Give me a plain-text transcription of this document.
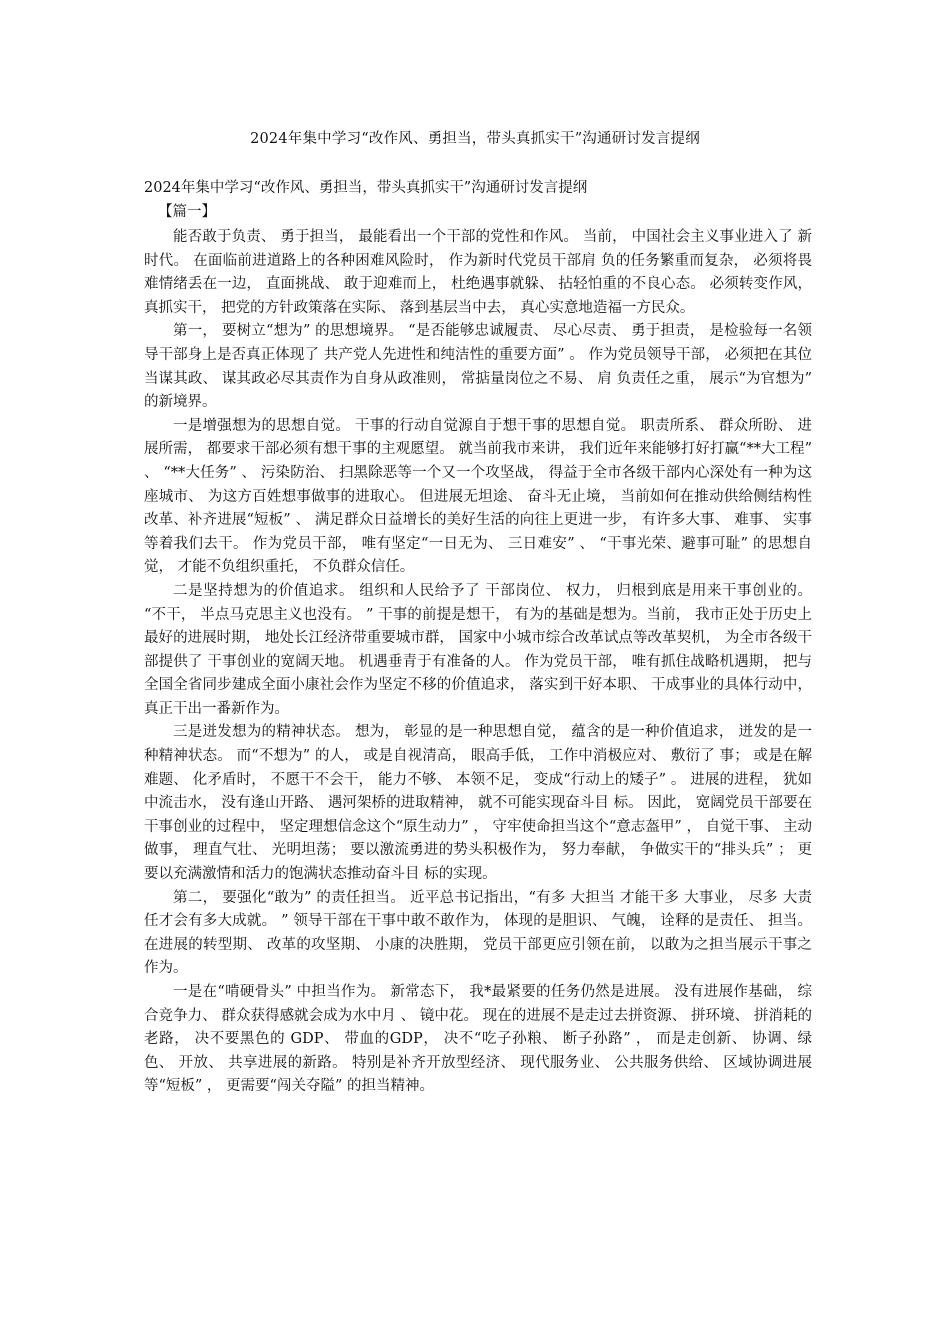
2024年集中学习“改作风、勇担当，带头真抓实干”沟通研讨发言提纲
2024年集中学习“改作风、勇担当，带头真抓实干”沟通研讨发言提纲
【篇一】

能否敢于负责、 勇于担当， 最能看出一个干部的党性和作风。 当前， 中国社会主义事业进入了 新时代。 在面临前进道路上的各种困难风险时， 作为新时代党员干部肩 负的任务繁重而复杂， 必须将畏难情绪丢在一边， 直面挑战、 敢于迎难而上， 杜绝遇事就躲、 拈轻怕重的不良心态。 必须转变作风， 真抓实干， 把党的方针政策落在实际、 落到基层当中去， 真心实意地造福一方民众。

第一， 要树立“想为” 的思想境界。 “是否能够忠诚履责、 尽心尽责、 勇于担责， 是检验每一名领导干部身上是否真正体现了 共产党人先进性和纯洁性的重要方面” 。 作为党员领导干部， 必须把在其位当谋其政、 谋其政必尽其责作为自身从政准则， 常掂量岗位之不易、 肩 负责任之重， 展示“为官想为” 的新境界。

一是增强想为的思想自觉。 干事的行动自觉源自于想干事的思想自觉。 职责所系、 群众所盼、 进展所需， 都要求干部必须有想干事的主观愿望。 就当前我市来讲， 我们近年来能够打好打赢“**大工程” 、 “**大任务” 、 污染防治、 扫黑除恶等一个又一个攻坚战， 得益于全市各级干部内心深处有一种为这座城市、 为这方百姓想事做事的进取心。 但进展无坦途、 奋斗无止境， 当前如何在推动供给侧结构性改革、补齐进展“短板” 、 满足群众日益增长的美好生活的向往上更进一步， 有许多大事、 难事、 实事等着我们去干。 作为党员干部， 唯有坚定“一日无为、 三日难安” 、 “干事光荣、避事可耻” 的思想自觉， 才能不负组织重托， 不负群众信任。

二是坚持想为的价值追求。 组织和人民给予了 干部岗位、 权力， 归根到底是用来干事创业的。 “不干， 半点马克思主义也没有。 ” 干事的前提是想干， 有为的基础是想为。当前， 我市正处于历史上最好的进展时期， 地处长江经济带重要城市群， 国家中小城市综合改革试点等改革契机， 为全市各级干部提供了 干事创业的宽阔天地。 机遇垂青于有准备的人。 作为党员干部， 唯有抓住战略机遇期， 把与全国全省同步建成全面小康社会作为坚定不移的价值追求， 落实到干好本职、 干成事业的具体行动中， 真正干出一番新作为。

三是迸发想为的精神状态。 想为， 彰显的是一种思想自觉， 蕴含的是一种价值追求， 迸发的是一种精神状态。 而“不想为” 的人， 或是自视清高， 眼高手低， 工作中消极应对、 敷衍了 事； 或是在解难题、 化矛盾时， 不愿干不会干， 能力不够、 本领不足， 变成“行动上的矮子” 。 进展的进程， 犹如中流击水， 没有逢山开路、 遇河架桥的进取精神， 就不可能实现奋斗目 标。 因此， 宽阔党员干部要在干事创业的过程中， 坚定理想信念这个“原生动力” ， 守牢使命担当这个“意志盔甲” ， 自觉干事、 主动做事， 理直气壮、 光明坦荡； 要以激流勇进的势头积极作为， 努力奉献， 争做实干的“排头兵” ； 更要以充满激情和活力的饱满状态推动奋斗目 标的实现。

第二， 要强化“敢为” 的责任担当。 近平总书记指出，“有多 大担当 才能干多 大事业， 尽多 大责任才会有多大成就。 ” 领导干部在干事中敢不敢作为， 体现的是胆识、 气魄， 诠释的是责任、 担当。 在进展的转型期、 改革的攻坚期、 小康的决胜期， 党员干部更应引领在前， 以敢为之担当展示干事之作为。

一是在“啃硬骨头” 中担当作为。 新常态下， 我*最紧要的任务仍然是进展。 没有进展作基础， 综合竞争力、 群众获得感就会成为水中月 、 镜中花。 现在的进展不是走过去拼资源、 拼环境、 拼消耗的老路， 决不要黑色的 GDP、 带血的GDP， 决不“吃子孙粮、 断子孙路” ， 而是走创新、 协调、绿色、 开放、 共享进展的新路。 特别是补齐开放型经济、 现代服务业、 公共服务供给、 区域协调进展等“短板” ， 更需要“闯关夺隘” 的担当精神。
